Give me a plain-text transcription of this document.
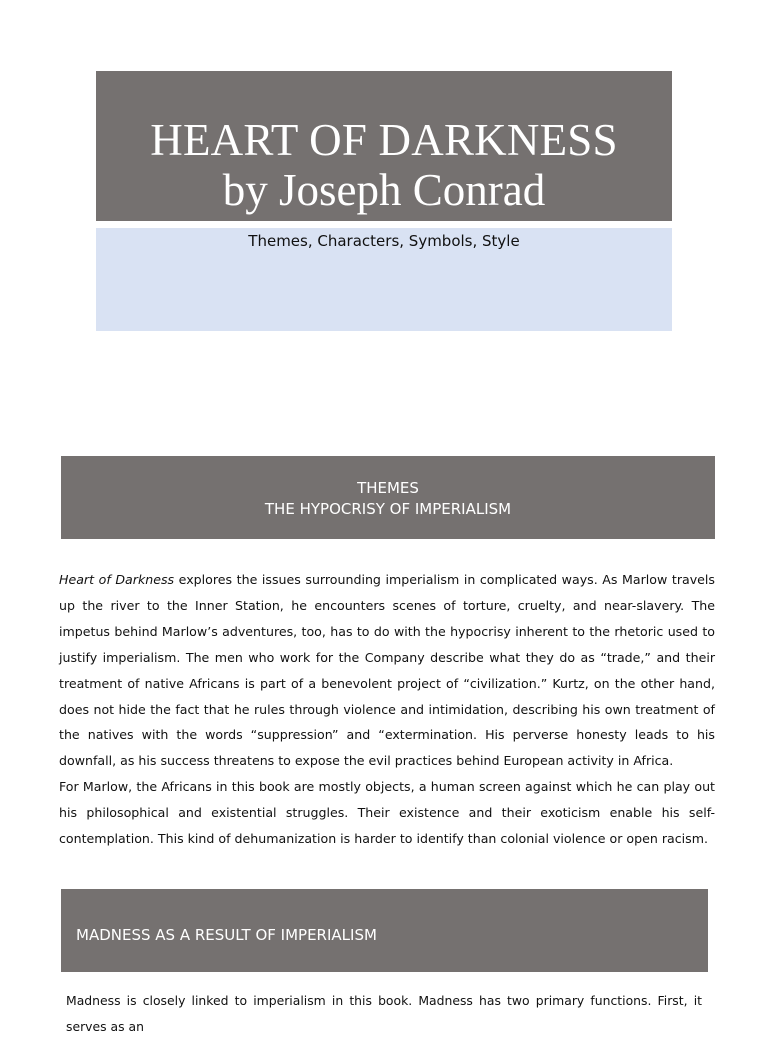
HEART OF DARKNESS
by Joseph Conrad
Themes, Characters, Symbols, Style
THEMES
THE HYPOCRISY OF IMPERIALISM

Heart of Darkness explores the issues surrounding imperialism in complicated ways. As Marlow travels up the river to the Inner Station, he encounters scenes of torture, cruelty, and near-slavery. The impetus behind Marlow’s adventures, too, has to do with the hypocrisy inherent to the rhetoric used to justify imperialism. The men who work for the Company describe what they do as “trade,” and their treatment of native Africans is part of a benevolent project of “civilization.” Kurtz, on the other hand, does not hide the fact that he rules through violence and intimidation, describing his own treatment of the natives with the words “suppression” and “extermination. His perverse honesty leads to his downfall, as his success threatens to expose the evil practices behind European activity in Africa.

For Marlow, the Africans in this book are mostly objects, a human screen against which he can play out his philosophical and existential struggles. Their existence and their exoticism enable his self-contemplation. This kind of dehumanization is harder to identify than colonial violence or open racism.

MADNESS AS A RESULT OF IMPERIALISM

Madness is closely linked to imperialism in this book. Madness has two primary functions. First, it serves as an
